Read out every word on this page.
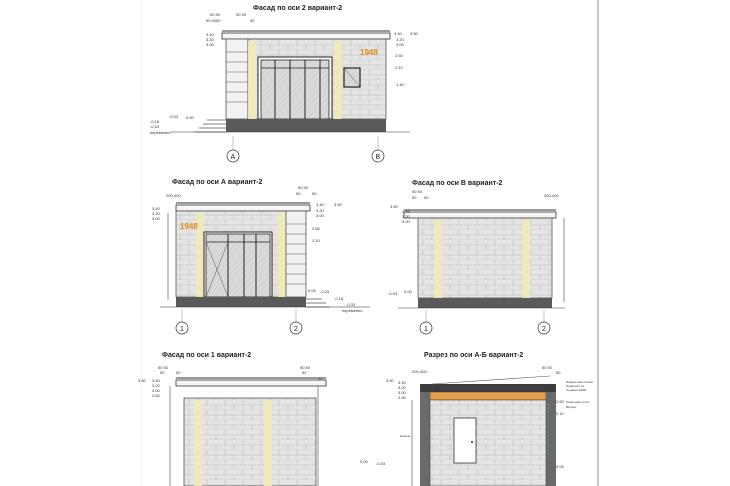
Фасад по оси 2 вариант-2
1948
50 50	50 50
50 5050	50
3.40
3.20
3.00
3.40 3.50
3.20
3.00
2.60
2.10
1.40
0.00
-0.03
-0.18
-0.33
переменно
А	В
Фасад по оси А вариант-2
1948
200-400
50 50
50	50
3.40
3.20
3.00
3.40	3.50
3.20
3.00
2.60
2.10
0.00 -0.03
-0.18
-0.33
переменно
1	2
Фасад по оси В вариант-2
50 50
50 50	200-400
3.50
3.40
3.20
3.00
0.00
-0.03
1	2
Фасад по оси 1 вариант-2
50 50
50	50
50 50
50
50
3.50 3.40
3.20
3.00
2.60
0.00 -0.03
Разрез по оси А-Б вариант-2
200-400
50 50
50
5°
3.50 3.40
3.20
3.00
2.60
2.60
2.10
0.00
Парапетная стенка
Профлист по
Сэндвич-Н600
Окантовка утепл.
Ватрин
Цоколь
